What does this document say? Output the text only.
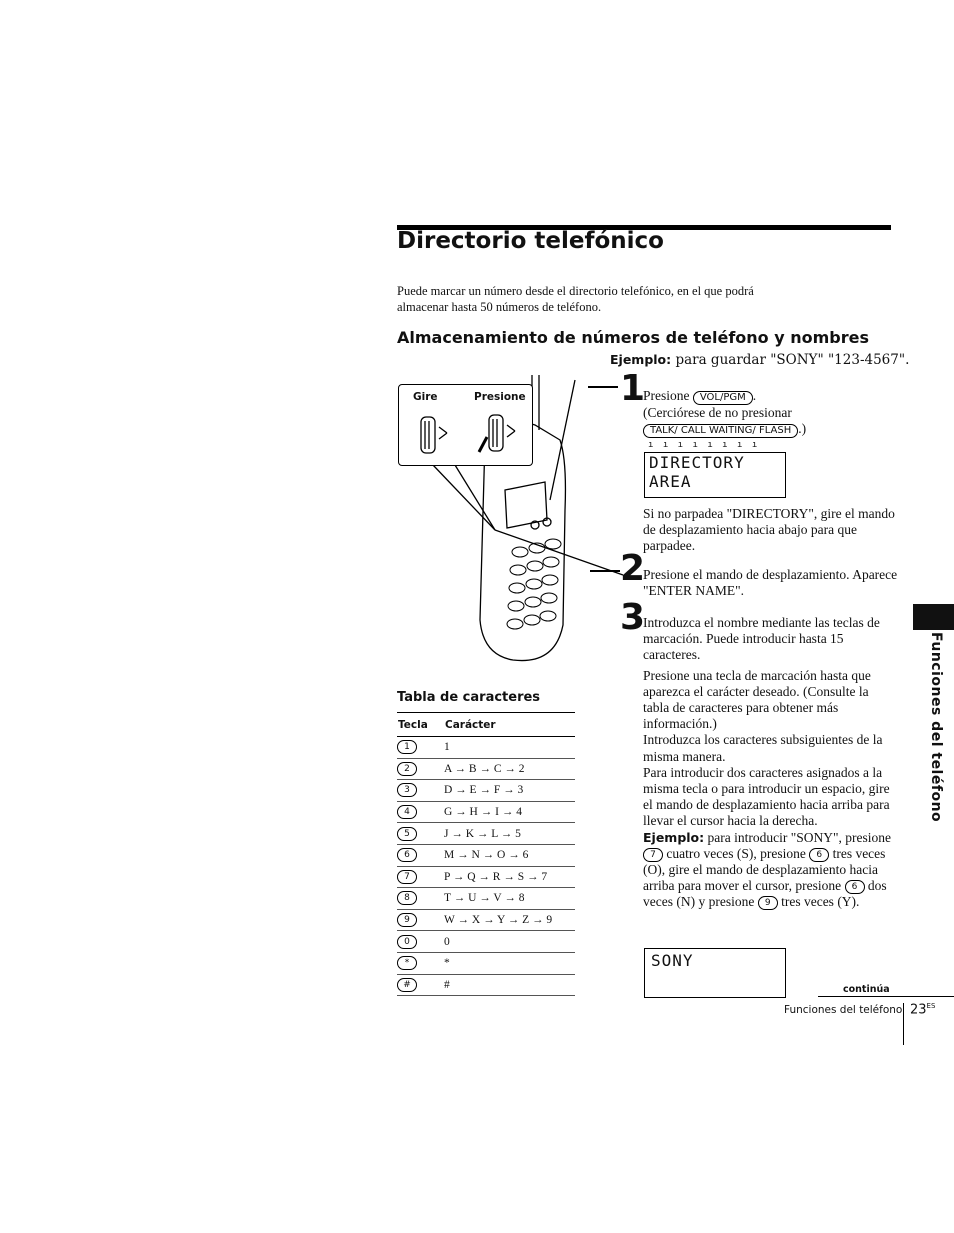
Directorio telefónico
Puede marcar un número desde el directorio telefónico, en el que podrá almacenar hasta 50 números de teléfono.
Almacenamiento de números de teléfono y nombres
Ejemplo: para guardar "SONY" "123-4567".
Gire	Presione	1
2
3
Presione VOL/PGM .
(Cerciórese de no presionar
TALK/ CALL WAITING/ FLASH .)
ı ı ı ı ı ı ı ı
DIRECTORY AREA
Si no parpadea "DIRECTORY", gire el mando de desplazamiento hacia abajo para que parpadee.
Presione el mando de desplazamiento. Aparece "ENTER NAME".
Introduzca el nombre mediante las teclas de marcación. Puede introducir hasta 15 caracteres.
Presione una tecla de marcación hasta que aparezca el carácter deseado. (Consulte la tabla de caracteres para obtener más información.)
Introduzca los caracteres subsiguientes de la misma manera.
Para introducir dos caracteres asignados a la misma tecla o para introducir un espacio, gire el mando de desplazamiento hacia arriba para llevar el cursor hacia la derecha.
Ejemplo: para introducir "SONY", presione 7 cuatro veces (S), presione 6 tres veces (O), gire el mando de desplazamiento hacia arriba para mover el cursor, presione 6 dos veces (N) y presione 9 tres veces (Y).
SONY
Tabla de caracteres
Tecla	Carácter
1	1
2	A → B → C → 2
3	D → E → F → 3
4	G → H → I → 4
5	J → K → L → 5
6	M → N → O → 6
7	P → Q → R → S → 7
8	T → U → V → 8
9	W → X → Y → Z → 9
0	0
*	*
#	#
Funciones del teléfono
continúa
Funciones del teléfono $23^{ES}$
